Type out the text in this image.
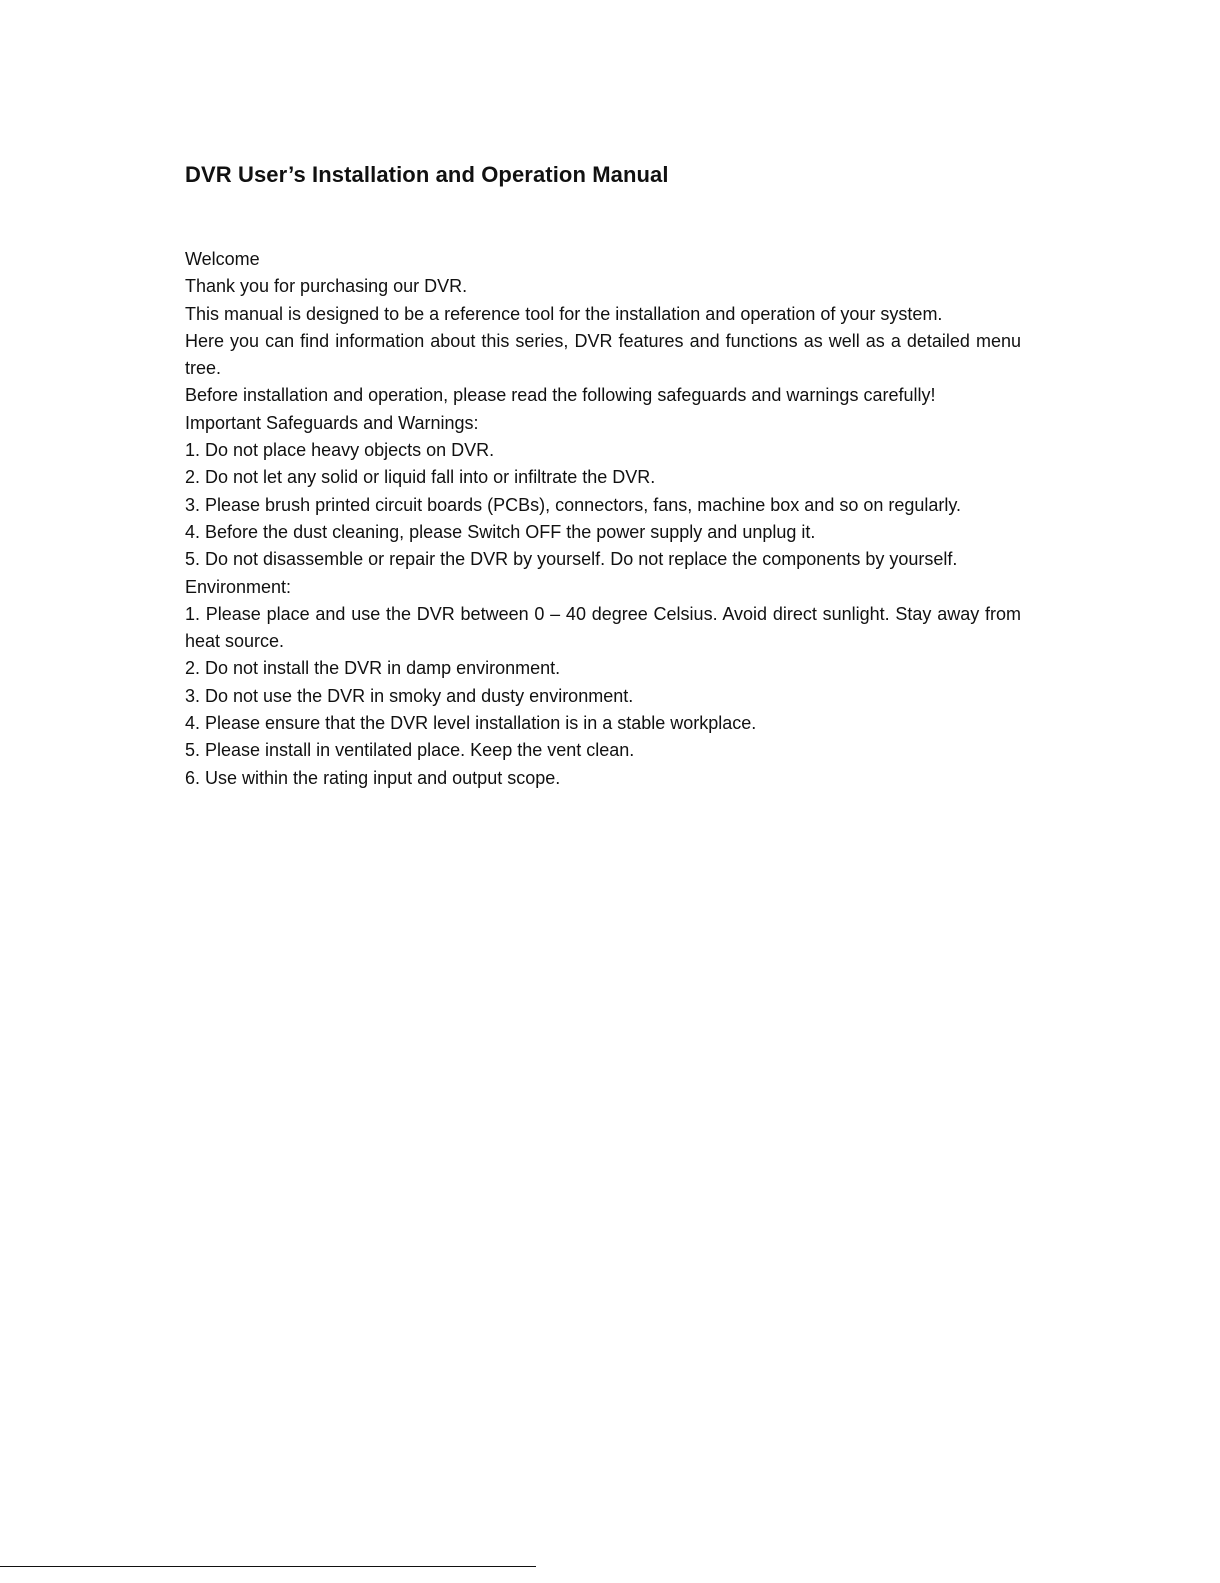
DVR User’s Installation and Operation Manual

Welcome

Thank you for purchasing our DVR.

This manual is designed to be a reference tool for the installation and operation of your system.

Here you can find information about this series, DVR features and functions as well as a detailed menu tree.

Before installation and operation, please read the following safeguards and warnings carefully!

Important Safeguards and Warnings:

1. Do not place heavy objects on DVR.

2. Do not let any solid or liquid fall into or infiltrate the DVR.

3. Please brush printed circuit boards (PCBs), connectors, fans, machine box and so on regularly.

4. Before the dust cleaning, please Switch OFF the power supply and unplug it.

5. Do not disassemble or repair the DVR by yourself. Do not replace the components by yourself.

Environment:

1. Please place and use the DVR between 0 – 40 degree Celsius. Avoid direct sunlight. Stay away from heat source.

2. Do not install the DVR in damp environment.

3. Do not use the DVR in smoky and dusty environment.

4. Please ensure that the DVR level installation is in a stable workplace.

5. Please install in ventilated place. Keep the vent clean.

6. Use within the rating input and output scope.
